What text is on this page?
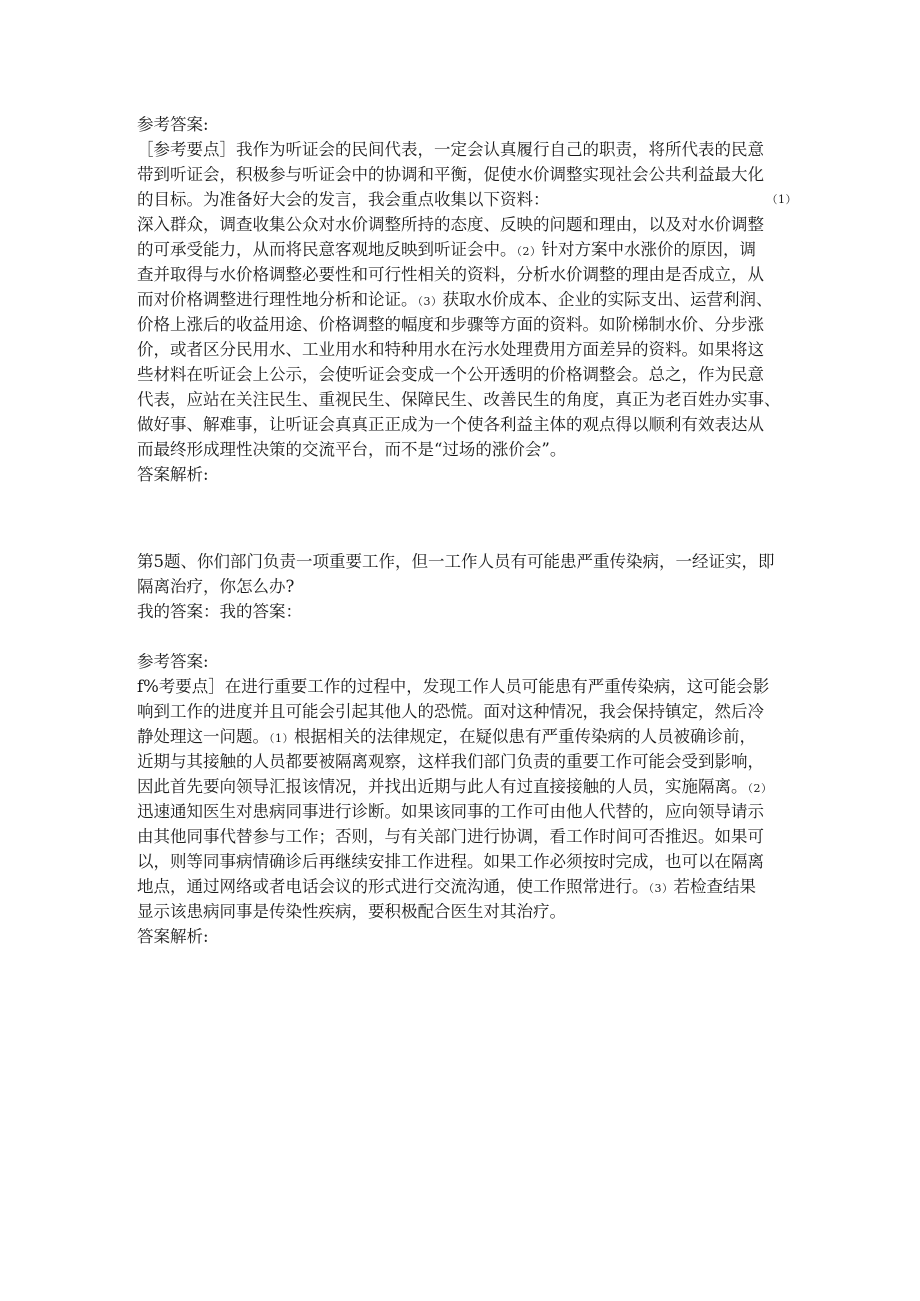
参考答案:
［参考要点］我作为听证会的民间代表，一定会认真履行自己的职责，将所代表的民意
带到听证会，积极参与听证会中的协调和平衡，促使水价调整实现社会公共利益最大化
的目标。为准备好大会的发言，我会重点收集以下资料：	（1）
深入群众，调查收集公众对水价调整所持的态度、反映的问题和理由，以及对水价调整
的可承受能力，从而将民意客观地反映到听证会中。（2）针对方案中水涨价的原因，调
查并取得与水价格调整必要性和可行性相关的资料，分析水价调整的理由是否成立，从
而对价格调整进行理性地分析和论证。（3）获取水价成本、企业的实际支出、运营利润、
价格上涨后的收益用途、价格调整的幅度和步骤等方面的资料。如阶梯制水价、分步涨
价，或者区分民用水、工业用水和特种用水在污水处理费用方面差异的资料。如果将这
些材料在听证会上公示，会使听证会变成一个公开透明的价格调整会。总之，作为民意
代表，应站在关注民生、重视民生、保障民生、改善民生的角度，真正为老百姓办实事、
做好事、解难事，让听证会真真正正成为一个使各利益主体的观点得以顺利有效表达从
而最终形成理性决策的交流平台，而不是“过场的涨价会”。
答案解析:
第5题、你们部门负责一项重要工作，但一工作人员有可能患严重传染病，一经证实，即
隔离治疗，你怎么办?
我的答案：我的答案：
参考答案:
f%考要点］在进行重要工作的过程中，发现工作人员可能患有严重传染病，这可能会影
响到工作的进度并且可能会引起其他人的恐慌。面对这种情况，我会保持镇定，然后冷
静处理这一问题。（1）根据相关的法律规定，在疑似患有严重传染病的人员被确诊前，
近期与其接触的人员都要被隔离观察，这样我们部门负责的重要工作可能会受到影响，
因此首先要向领导汇报该情况，并找出近期与此人有过直接接触的人员，实施隔离。（2）
迅速通知医生对患病同事进行诊断。如果该同事的工作可由他人代替的，应向领导请示
由其他同事代替参与工作；否则，与有关部门进行协调，看工作时间可否推迟。如果可
以，则等同事病情确诊后再继续安排工作进程。如果工作必须按时完成，也可以在隔离
地点，通过网络或者电话会议的形式进行交流沟通，使工作照常进行。（3）若检查结果
显示该患病同事是传染性疾病，要积极配合医生对其治疗。
答案解析:
